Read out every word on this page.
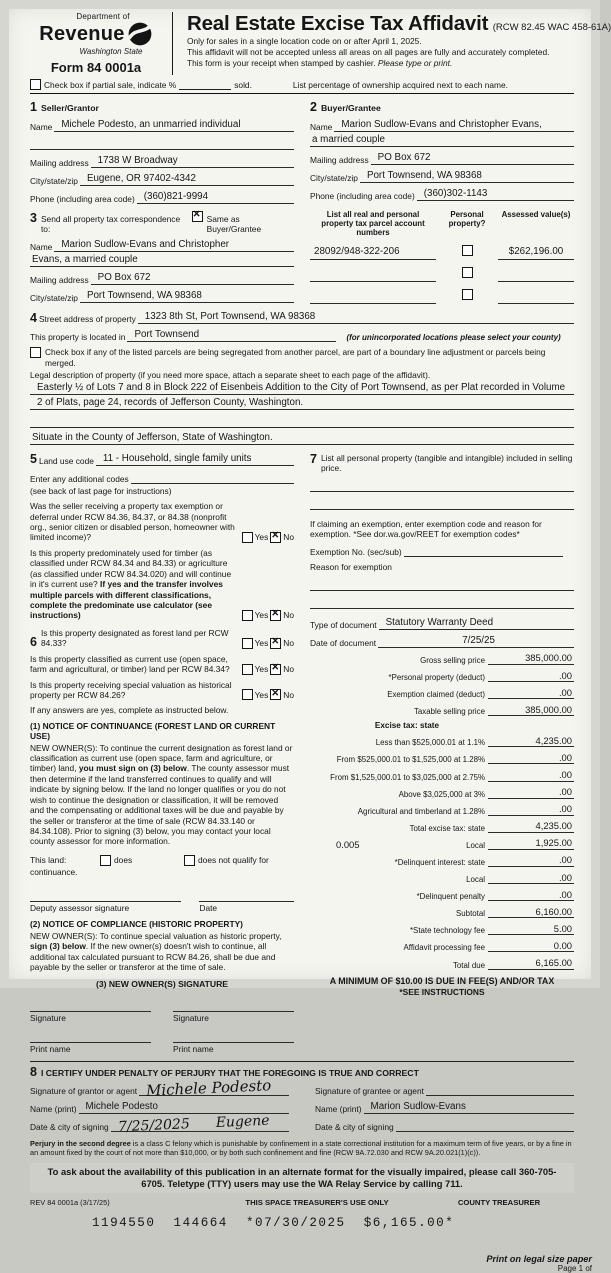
Department of
Revenue
Washington State
Form 84 0001a
Real Estate Excise Tax Affidavit (RCW 82.45 WAC 458-61A)
Only for sales in a single location code on or after April 1, 2025.
This affidavit will not be accepted unless all areas on all pages are fully and accurately completed.
This form is your receipt when stamped by cashier. Please type or print.
Check box if partial sale, indicate %	sold.	List percentage of ownership acquired next to each name.
1 Seller/Grantor
Name Michele Podesto, an unmarried individual
Mailing address 1738 W Broadway
City/state/zip Eugene, OR 97402-4342
Phone (including area code) (360)821-9994
2 Buyer/Grantee
Name Marion Sudlow-Evans and Christopher Evans,
a married couple
Mailing address PO Box 672
City/state/zip Port Townsend, WA 98368
Phone (including area code) (360)302-1143
3 Send all property tax correspondence to:
✕
Same as Buyer/Grantee
Name Marion Sudlow-Evans and Christopher
Evans, a married couple
Mailing address PO Box 672
City/state/zip Port Townsend, WA 98368
List all real and personal property tax parcel account numbers
Personal property?
Assessed value(s)
28092/948-322-206	$262,196.00
4 Street address of property 1323 8th St, Port Townsend, WA 98368
This property is located in Port Townsend	(for unincorporated locations please select your county)
Check box if any of the listed parcels are being segregated from another parcel, are part of a boundary line adjustment or parcels being merged.
Legal description of property (if you need more space, attach a separate sheet to each page of the affidavit).
Easterly ½ of Lots 7 and 8 in Block 222 of Eisenbeis Addition to the City of Port Townsend, as per Plat recorded in Volume
2 of Plats, page 24, records of Jefferson County, Washington.
Situate in the County of Jefferson, State of Washington.
5 Land use code 11 - Household, single family units
Enter any additional codes
(see back of last page for instructions)
Was the seller receiving a property tax exemption or deferral under RCW 84.36, 84.37, or 84.38 (nonprofit org., senior citizen or disabled person, homeowner with limited income)?	Yes ✕ No
Is this property predominately used for timber (as classified under RCW 84.34 and 84.33) or agriculture (as classified under RCW 84.34.020) and will continue in it's current use? If yes and the transfer involves multiple parcels with different classifications, complete the predominate use calculator (see instructions)	Yes ✕ No
6
Is this property designated as forest land per RCW 84.33?	Yes ✕ No
Is this property classified as current use (open space, farm and agricultural, or timber) land per RCW 84.34?	Yes ✕ No
Is this property receiving special valuation as historical property per RCW 84.26?	Yes ✕ No
If any answers are yes, complete as instructed below.
(1) NOTICE OF CONTINUANCE (FOREST LAND OR CURRENT USE)
NEW OWNER(S): To continue the current designation as forest land or classification as current use (open space, farm and agriculture, or timber) land, you must sign on (3) below. The county assessor must then determine if the land transferred continues to qualify and will indicate by signing below. If the land no longer qualifies or you do not wish to continue the designation or classification, it will be removed and the compensating or additional taxes will be due and payable by the seller or transferor at the time of sale (RCW 84.33.140 or 84.34.108). Prior to signing (3) below, you may contact your local county assessor for more information.
This land:	does	does not qualify for
continuance.
Deputy assessor signature	Date
(2) NOTICE OF COMPLIANCE (HISTORIC PROPERTY)
NEW OWNER(S): To continue special valuation as historic property, sign (3) below. If the new owner(s) doesn't wish to continue, all additional tax calculated pursuant to RCW 84.26, shall be due and payable by the seller or transferor at the time of sale.
(3) NEW OWNER(S) SIGNATURE
Signature	Signature
Print name	Print name
7 List all personal property (tangible and intangible) included in selling price.
If claiming an exemption, enter exemption code and reason for exemption. *See dor.wa.gov/REET for exemption codes*
Exemption No. (sec/sub)
Reason for exemption
Type of document Statutory Warranty Deed
Date of document	7/25/25
Gross selling price	385,000.00
*Personal property (deduct)	.00
Exemption claimed (deduct)	.00
Taxable selling price	385,000.00
Excise tax: state
Less than $525,000.01 at 1.1%	4,235.00
From $525,000.01 to $1,525,000 at 1.28%	.00
From $1,525,000.01 to $3,025,000 at 2.75%	.00
Above $3,025,000 at 3%	.00
Agricultural and timberland at 1.28%	.00
Total excise tax: state	4,235.00
0.005	Local	1,925.00
*Delinquent interest: state	.00
Local	.00
*Delinquent penalty	.00
Subtotal	6,160.00
*State technology fee	5.00
Affidavit processing fee	0.00
Total due	6,165.00
A MINIMUM OF $10.00 IS DUE IN FEE(S) AND/OR TAX
*SEE INSTRUCTIONS
8 I CERTIFY UNDER PENALTY OF PERJURY THAT THE FOREGOING IS TRUE AND CORRECT
Signature of grantor or agent Michele Podesto
Name (print) Michele Podesto
Date & city of signing 7/25/2025 Eugene
Signature of grantee or agent
Name (print) Marion Sudlow-Evans
Date & city of signing
Perjury in the second degree is a class C felony which is punishable by confinement in a state correctional institution for a maximum term of five years, or by a fine in an amount fixed by the court of not more than $10,000, or by both such confinement and fine (RCW 9A.72.030 and RCW 9A.20.021(1)(c)).
To ask about the availability of this publication in an alternate format for the visually impaired, please call 360-705-6705. Teletype (TTY) users may use the WA Relay Service by calling 711.
REV 84 0001a (3/17/25)	THIS SPACE TREASURER'S USE ONLY	COUNTY TREASURER
1194550  144664  *07/30/2025  $6,165.00*
Print on legal size paper
Page 1 of
